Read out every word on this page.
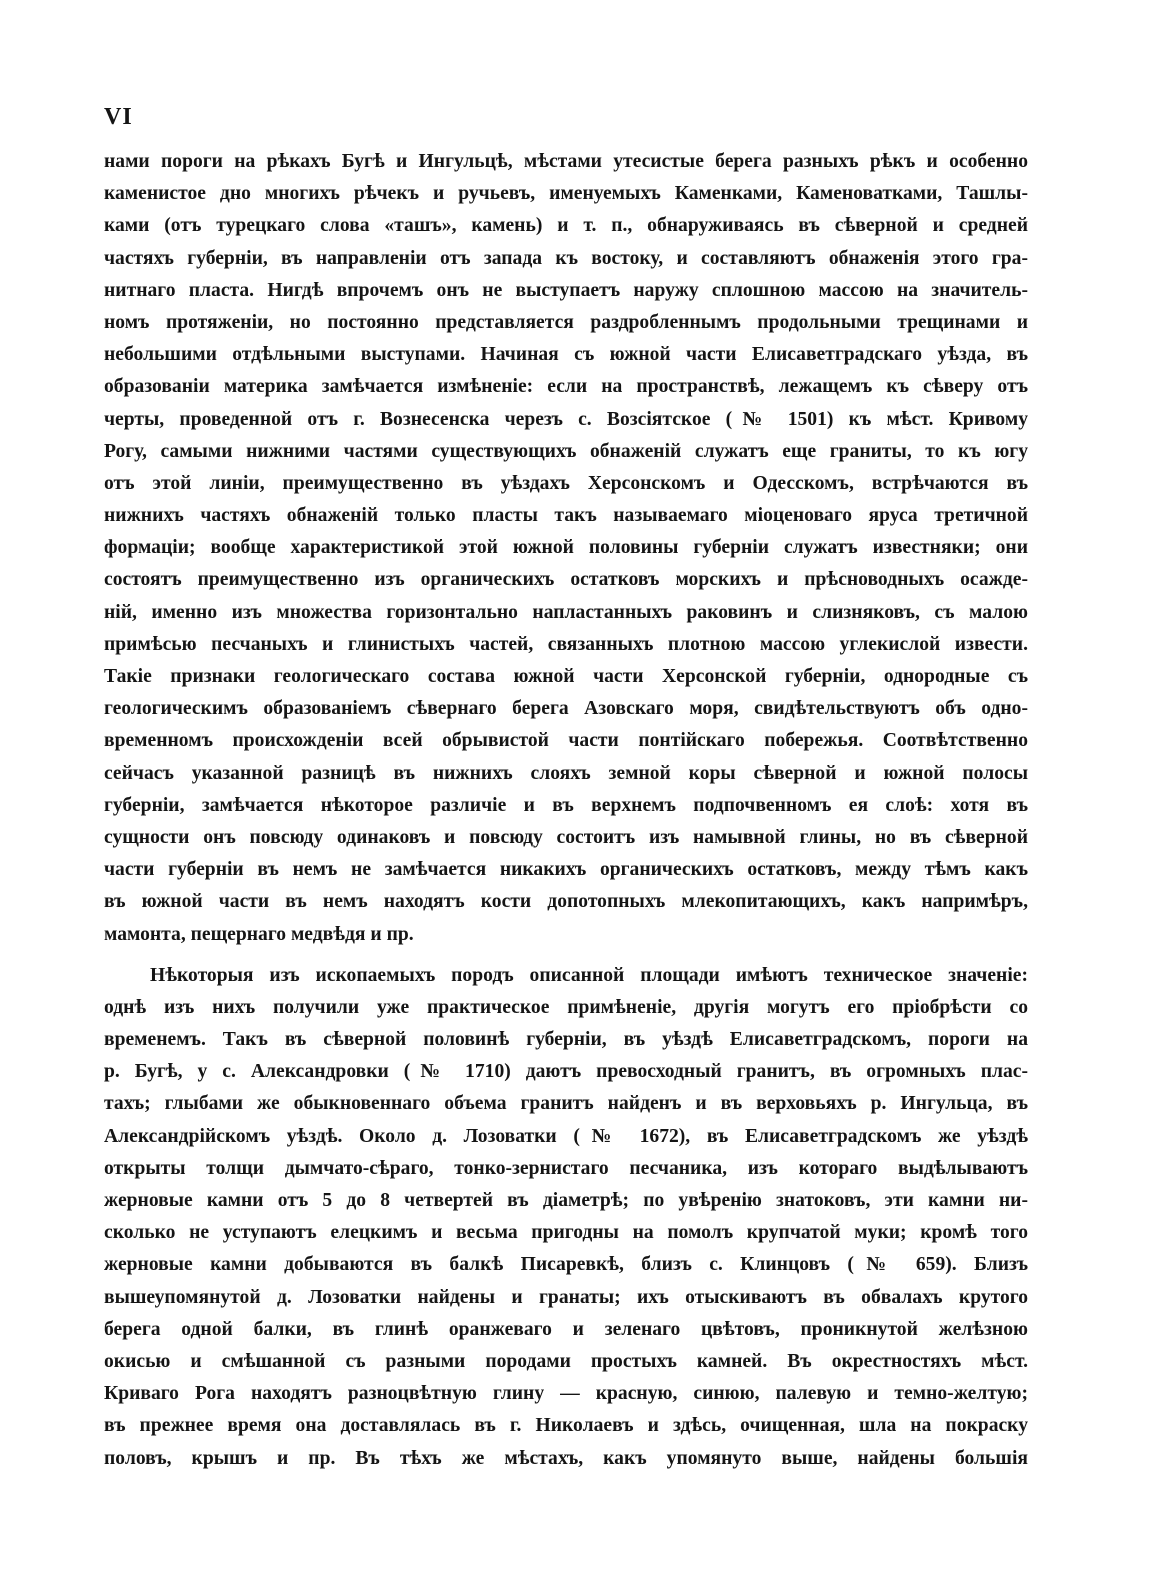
VI

нами пороги на рѣкахъ Бугѣ и Ингульцѣ, мѣстами утесистые берега разныхъ рѣкъ и особенно
каменистое дно многихъ рѣчекъ и ручьевъ, именуемыхъ Каменками, Каменоватками, Ташлы-
ками (отъ турецкаго слова «ташъ», камень) и т. п., обнаруживаясь въ сѣверной и средней
частяхъ губерніи, въ направленіи отъ запада къ востоку, и составляютъ обнаженія этого гра-
нитнаго пласта. Нигдѣ впрочемъ онъ не выступаетъ наружу сплошною массою на значитель-
номъ протяженіи, но постоянно представляется раздробленнымъ продольными трещинами и
небольшими отдѣльными выступами. Начиная съ южной части Елисаветградскаго уѣзда, въ
образованіи материка замѣчается измѣненіе: если на пространствѣ, лежащемъ къ сѣверу отъ
черты, проведенной отъ г. Вознесенска черезъ с. Возсіятское (№ 1501) къ мѣст. Кривому
Рогу, самыми нижними частями существующихъ обнаженій служатъ еще граниты, то къ югу
отъ этой линіи, преимущественно въ уѣздахъ Херсонскомъ и Одесскомъ, встрѣчаются въ
нижнихъ частяхъ обнаженій только пласты такъ называемаго міоценоваго яруса третичной
формаціи; вообще характеристикой этой южной половины губерніи служатъ известняки; они
состоятъ преимущественно изъ органическихъ остатковъ морскихъ и прѣсноводныхъ осажде-
ній, именно изъ множества горизонтально напластанныхъ раковинъ и слизняковъ, съ малою
примѣсью песчаныхъ и глинистыхъ частей, связанныхъ плотною массою углекислой извести.
Такіе признаки геологическаго состава южной части Херсонской губерніи, однородные съ
геологическимъ образованіемъ сѣвернаго берега Азовскаго моря, свидѣтельствуютъ объ одно-
временномъ происхожденіи всей обрывистой части понтійскаго побережья. Соотвѣтственно
сейчасъ указанной разницѣ въ нижнихъ слояхъ земной коры сѣверной и южной полосы
губерніи, замѣчается нѣкоторое различіе и въ верхнемъ подпочвенномъ ея слоѣ: хотя въ
сущности онъ повсюду одинаковъ и повсюду состоитъ изъ намывной глины, но въ сѣверной
части губерніи въ немъ не замѣчается никакихъ органическихъ остатковъ, между тѣмъ какъ
въ южной части въ немъ находятъ кости допотопныхъ млекопитающихъ, какъ напримѣръ,
мамонта, пещернаго медвѣдя и пр.
Нѣкоторыя изъ ископаемыхъ породъ описанной площади имѣютъ техническое значеніе:
однѣ изъ нихъ получили уже практическое примѣненіе, другія могутъ его пріобрѣсти со
временемъ. Такъ въ сѣверной половинѣ губерніи, въ уѣздѣ Елисаветградскомъ, пороги на
р. Бугѣ, у с. Александровки (№ 1710) даютъ превосходный гранитъ, въ огромныхъ плас-
тахъ; глыбами же обыкновеннаго объема гранитъ найденъ и въ верховьяхъ р. Ингульца, въ
Александрійскомъ уѣздѣ. Около д. Лозоватки (№ 1672), въ Елисаветградскомъ же уѣздѣ
открыты толщи дымчато-сѣраго, тонко-зернистаго песчаника, изъ котораго выдѣлываютъ
жерновые камни отъ 5 до 8 четвертей въ діаметрѣ; по увѣренію знатоковъ, эти камни ни-
сколько не уступаютъ елецкимъ и весьма пригодны на помолъ крупчатой муки; кромѣ того
жерновые камни добываются въ балкѣ Писаревкѣ, близъ с. Клинцовъ (№ 659). Близъ
вышеупомянутой д. Лозоватки найдены и гранаты; ихъ отыскиваютъ въ обвалахъ крутого
берега одной балки, въ глинѣ оранжеваго и зеленаго цвѣтовъ, проникнутой желѣзною
окисью и смѣшанной съ разными породами простыхъ камней. Въ окрестностяхъ мѣст.
Криваго Рога находятъ разноцвѣтную глину — красную, синюю, палевую и темно-желтую;
въ прежнее время она доставлялась въ г. Николаевъ и здѣсь, очищенная, шла на покраску
половъ, крышъ и пр. Въ тѣхъ же мѣстахъ, какъ упомянуто выше, найдены большія
